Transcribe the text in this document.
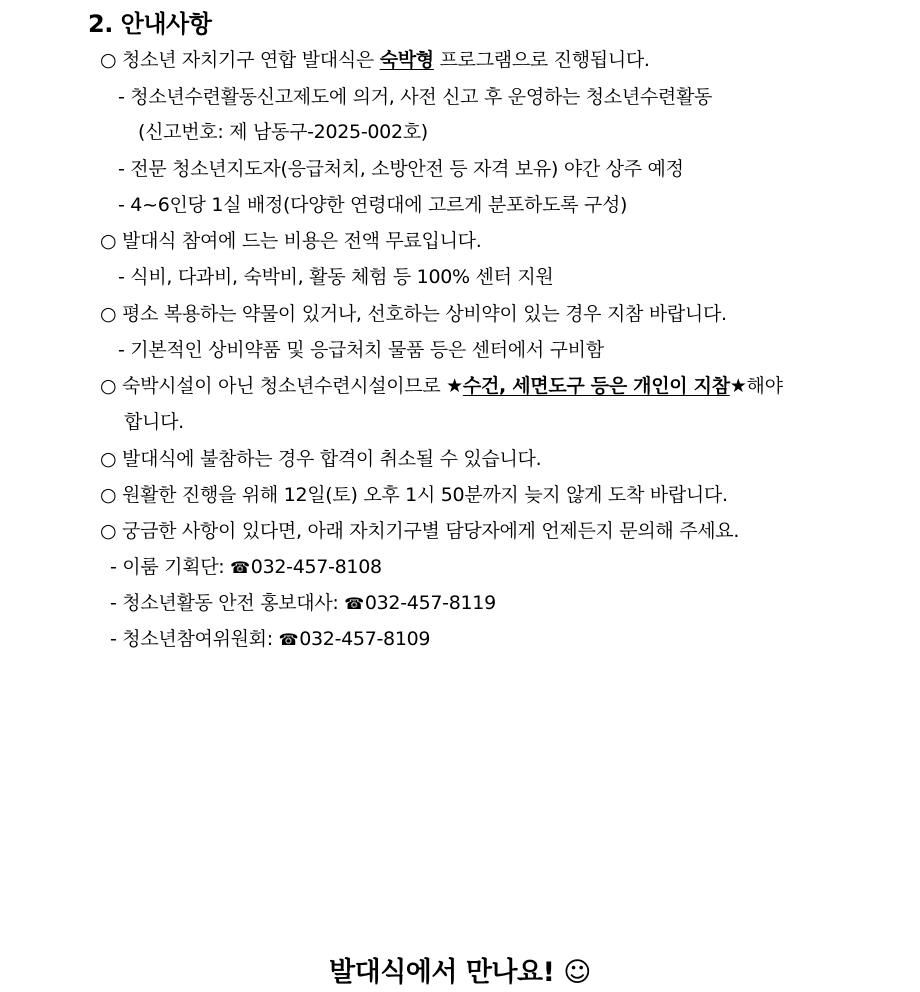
2. 안내사항
○ 청소년 자치기구 연합 발대식은 숙박형 프로그램으로 진행됩니다.
- 청소년수련활동신고제도에 의거, 사전 신고 후 운영하는 청소년수련활동
(신고번호: 제 남동구-2025-002호)
- 전문 청소년지도자(응급처치, 소방안전 등 자격 보유) 야간 상주 예정
- 4~6인당 1실 배정(다양한 연령대에 고르게 분포하도록 구성)
○ 발대식 참여에 드는 비용은 전액 무료입니다.
- 식비, 다과비, 숙박비, 활동 체험 등 100% 센터 지원
○ 평소 복용하는 약물이 있거나, 선호하는 상비약이 있는 경우 지참 바랍니다.
- 기본적인 상비약품 및 응급처치 물품 등은 센터에서 구비함
○ 숙박시설이 아닌 청소년수련시설이므로 ★수건, 세면도구 등은 개인이 지참★해야
합니다.
○ 발대식에 불참하는 경우 합격이 취소될 수 있습니다.
○ 원활한 진행을 위해 12일(토) 오후 1시 50분까지 늦지 않게 도착 바랍니다.
○ 궁금한 사항이 있다면, 아래 자치기구별 담당자에게 언제든지 문의해 주세요.
- 이룸 기획단: ☎032-457-8108
- 청소년활동 안전 홍보대사: ☎032-457-8119
- 청소년참여위원회: ☎032-457-8109
발대식에서 만나요! ☺
